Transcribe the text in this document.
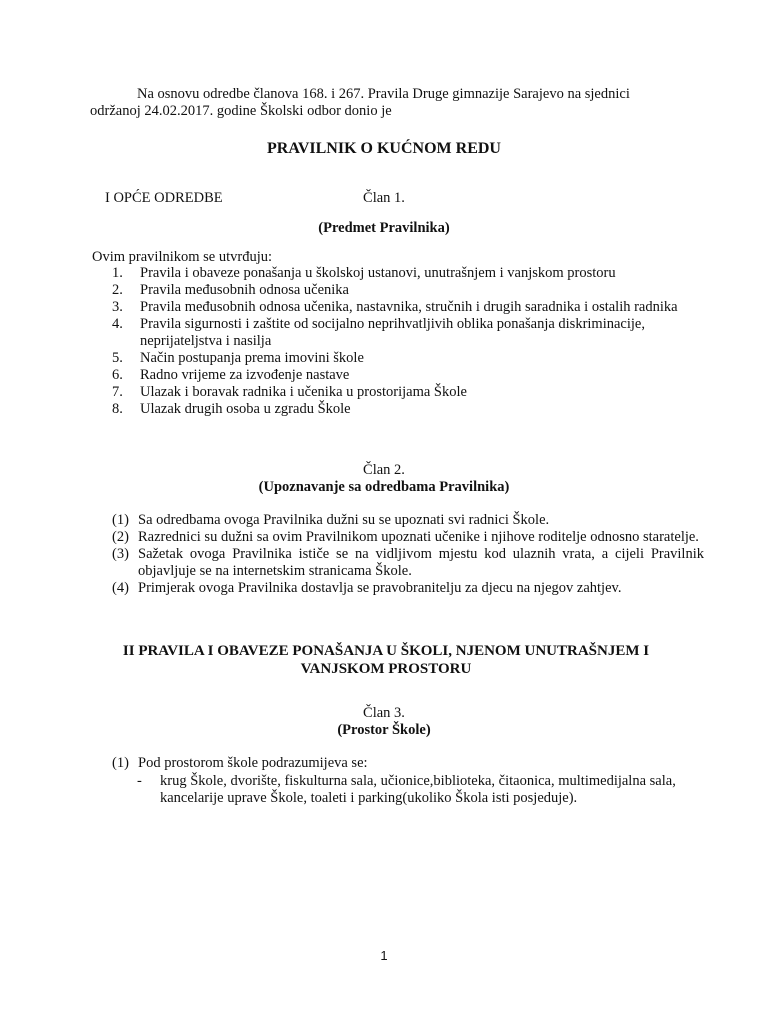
Na osnovu odredbe članova 168. i 267. Pravila Druge gimnazije Sarajevo na sjednici održanoj 24.02.2017. godine Školski odbor donio je
PRAVILNIK O KUĆNOM REDU
I OPĆE ODREDBE	Član 1.
(Predmet Pravilnika)
Ovim pravilnikom se utvrđuju:
1. Pravila i obaveze ponašanja u školskoj ustanovi, unutrašnjem i vanjskom prostoru
2. Pravila međusobnih odnosa učenika
3. Pravila međusobnih odnosa učenika, nastavnika, stručnih i drugih saradnika i ostalih radnika
4. Pravila sigurnosti i zaštite od socijalno neprihvatljivih oblika ponašanja diskriminacije, neprijateljstva i nasilja
5. Način postupanja prema imovini škole
6. Radno vrijeme za izvođenje nastave
7. Ulazak i boravak radnika i učenika u prostorijama Škole
8. Ulazak drugih osoba u zgradu Škole
Član 2.
(Upoznavanje sa odredbama Pravilnika)
(1) Sa odredbama ovoga Pravilnika dužni su se upoznati svi radnici Škole.
(2) Razrednici su dužni sa ovim Pravilnikom upoznati učenike i njihove roditelje odnosno staratelje.
(3) Sažetak ovoga Pravilnika ističe se na vidljivom mjestu kod ulaznih vrata, a cijeli Pravilnik objavljuje se na internetskim stranicama Škole.
(4) Primjerak ovoga Pravilnika dostavlja se pravobranitelju za djecu na njegov zahtjev.
II PRAVILA I OBAVEZE PONAŠANJA U ŠKOLI, NJENOM UNUTRAŠNJEM I VANJSKOM PROSTORU
Član 3.
(Prostor Škole)
(1) Pod prostorom škole podrazumijeva se:
- krug Škole, dvorište, fiskulturna sala, učionice,biblioteka, čitaonica, multimedijalna sala, kancelarije uprave Škole, toaleti i parking(ukoliko Škola isti posjeduje).
1
